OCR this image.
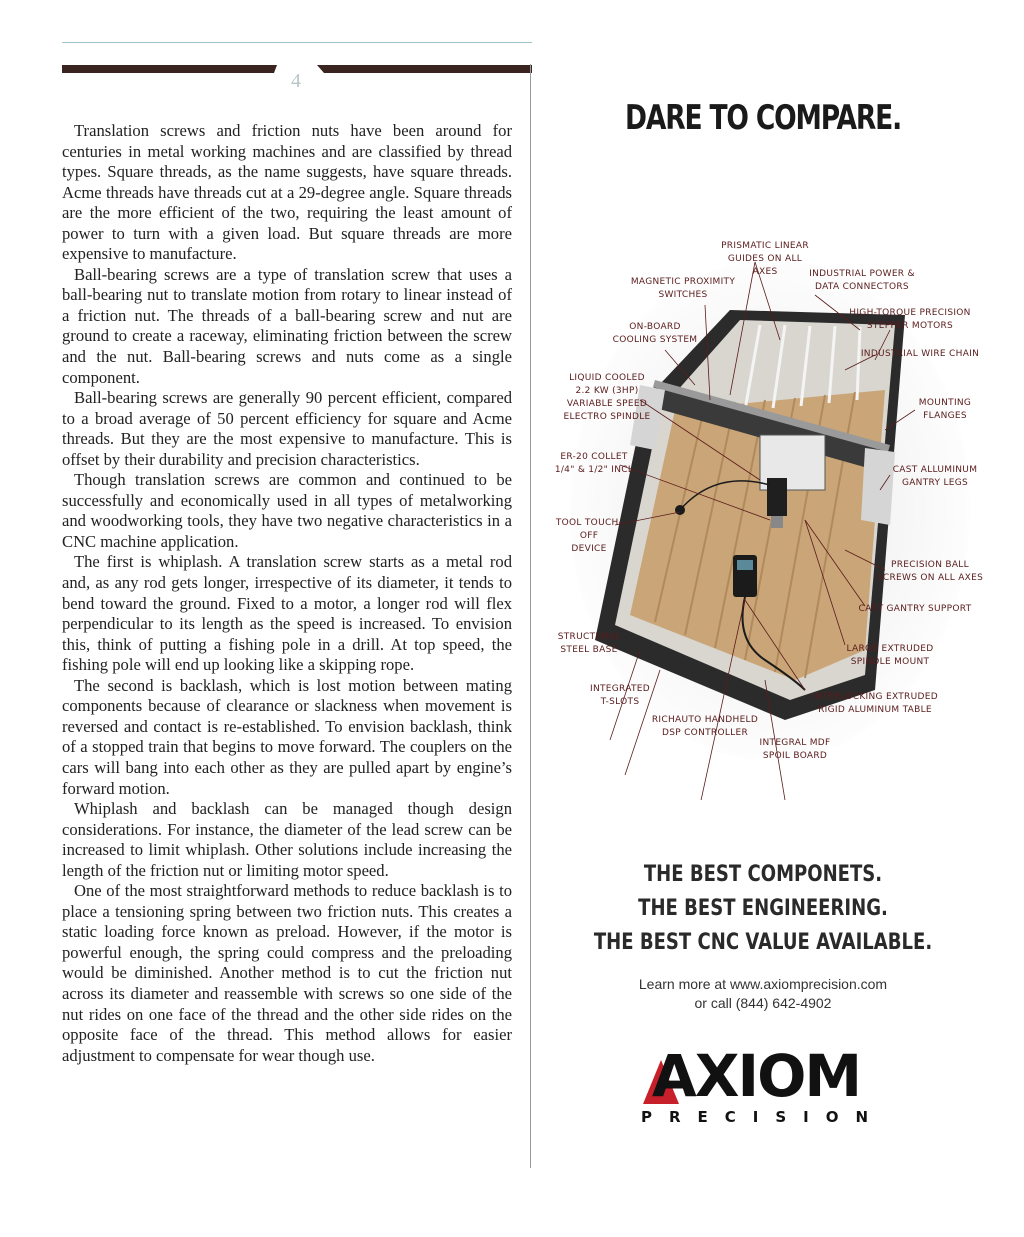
4

Translation screws and friction nuts have been around for centuries in metal working machines and are classified by thread types. Square threads, as the name suggests, have square threads. Acme threads have threads cut at a 29-degree angle. Square threads are the more efficient of the two, requiring the least amount of power to turn with a given load. But square threads are more expensive to manufacture.

Ball-bearing screws are a type of translation screw that uses a ball-bearing nut to translate motion from rotary to linear instead of a friction nut. The threads of a ball-bearing screw and nut are ground to create a raceway, eliminating friction between the screw and the nut. Ball-bearing screws and nuts come as a single component.

Ball-bearing screws are generally 90 percent efficient, compared to a broad average of 50 percent efficiency for square and Acme threads. But they are the most expensive to manufacture. This is offset by their durability and precision characteristics.

Though translation screws are common and continued to be successfully and economically used in all types of metalworking and woodworking tools, they have two negative characteristics in a CNC machine application.

The first is whiplash. A translation screw starts as a metal rod and, as any rod gets longer, irrespective of its diameter, it tends to bend toward the ground. Fixed to a motor, a longer rod will flex perpendicular to its length as the speed is increased. To envision this, think of putting a fishing pole in a drill. At top speed, the fishing pole will end up looking like a skipping rope.

The second is backlash, which is lost motion between mating components because of clearance or slackness when movement is reversed and contact is re-established. To envision backlash, think of a stopped train that begins to move forward. The couplers on the cars will bang into each other as they are pulled apart by engine’s forward motion.

Whiplash and backlash can be managed though design considerations. For instance, the diameter of the lead screw can be increased to limit whiplash. Other solutions include increasing the length of the friction nut or limiting motor speed.

One of the most straightforward methods to reduce backlash is to place a tensioning spring between two friction nuts. This creates a static loading force known as preload. However, if the motor is powerful enough, the spring could compress and the preloading would be diminished. Another method is to cut the friction nut across its diameter and reassemble with screws so one side of the nut rides on one face of the thread and the other side rides on the opposite face of the thread. This method allows for easier adjustment to compensate for wear though use.

DARE TO COMPARE.
PRISMATIC LINEAR
GUIDES ON ALL AXES
MAGNETIC PROXIMITY
SWITCHES
INDUSTRIAL POWER &
DATA CONNECTORS
HIGH-TORQUE PRECISION
STEPPER MOTORS
ON-BOARD
COOLING SYSTEM
INDUSTRIAL WIRE CHAIN
LIQUID COOLED
2.2 KW (3HP)
VARIABLE SPEED
ELECTRO SPINDLE
MOUNTING
FLANGES
ER-20 COLLET
1/4" & 1/2" INCL	CAST ALLUMINUM
GANTRY LEGS
TOOL TOUCH-OFF
DEVICE
PRECISION BALL
SCREWS ON ALL AXES
CAST GANTRY SUPPORT
STRUCTURAL
STEEL BASE	LARGE EXTRUDED
SPINDLE MOUNT
INTEGRATED
T-SLOTS	INTERLOCKING EXTRUDED
RIGID ALUMINUM TABLE
RICHAUTO HANDHELD
DSP CONTROLLER
INTEGRAL MDF
SPOIL BOARD
THE BEST COMPONETS.
THE BEST ENGINEERING.
THE BEST CNC VALUE AVAILABLE.
Learn more at www.axiomprecision.com
or call (844) 642-4902
AXIOM
PRECISION
